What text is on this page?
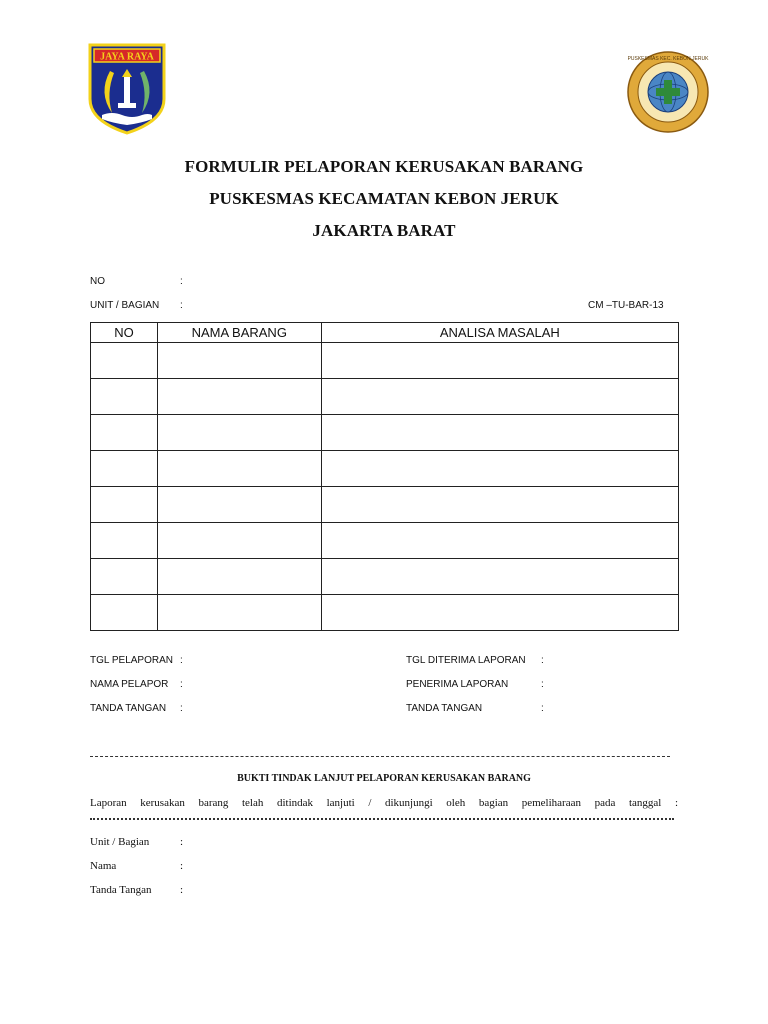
JAYA RAYA	PUSKESMAS KEC. KEBON JERUK
FORMULIR PELAPORAN KERUSAKAN BARANG
PUSKESMAS KECAMATAN KEBON JERUK
JAKARTA BARAT
NO	:
UNIT / BAGIAN :	CM –TU-BAR-13
NO	NAMA BARANG	ANALISA MASALAH

TGL PELAPORAN :
NAMA PELAPOR :
TANDA TANGAN :
TGL DITERIMA LAPORAN :
PENERIMA LAPORAN	:
TANDA TANGAN	:
BUKTI TINDAK LANJUT PELAPORAN KERUSAKAN BARANG
Laporan kerusakan barang telah ditindak lanjuti / dikunjungi oleh bagian pemeliharaan pada tanggal :
Unit / Bagian	:
Nama	:
Tanda Tangan	:
